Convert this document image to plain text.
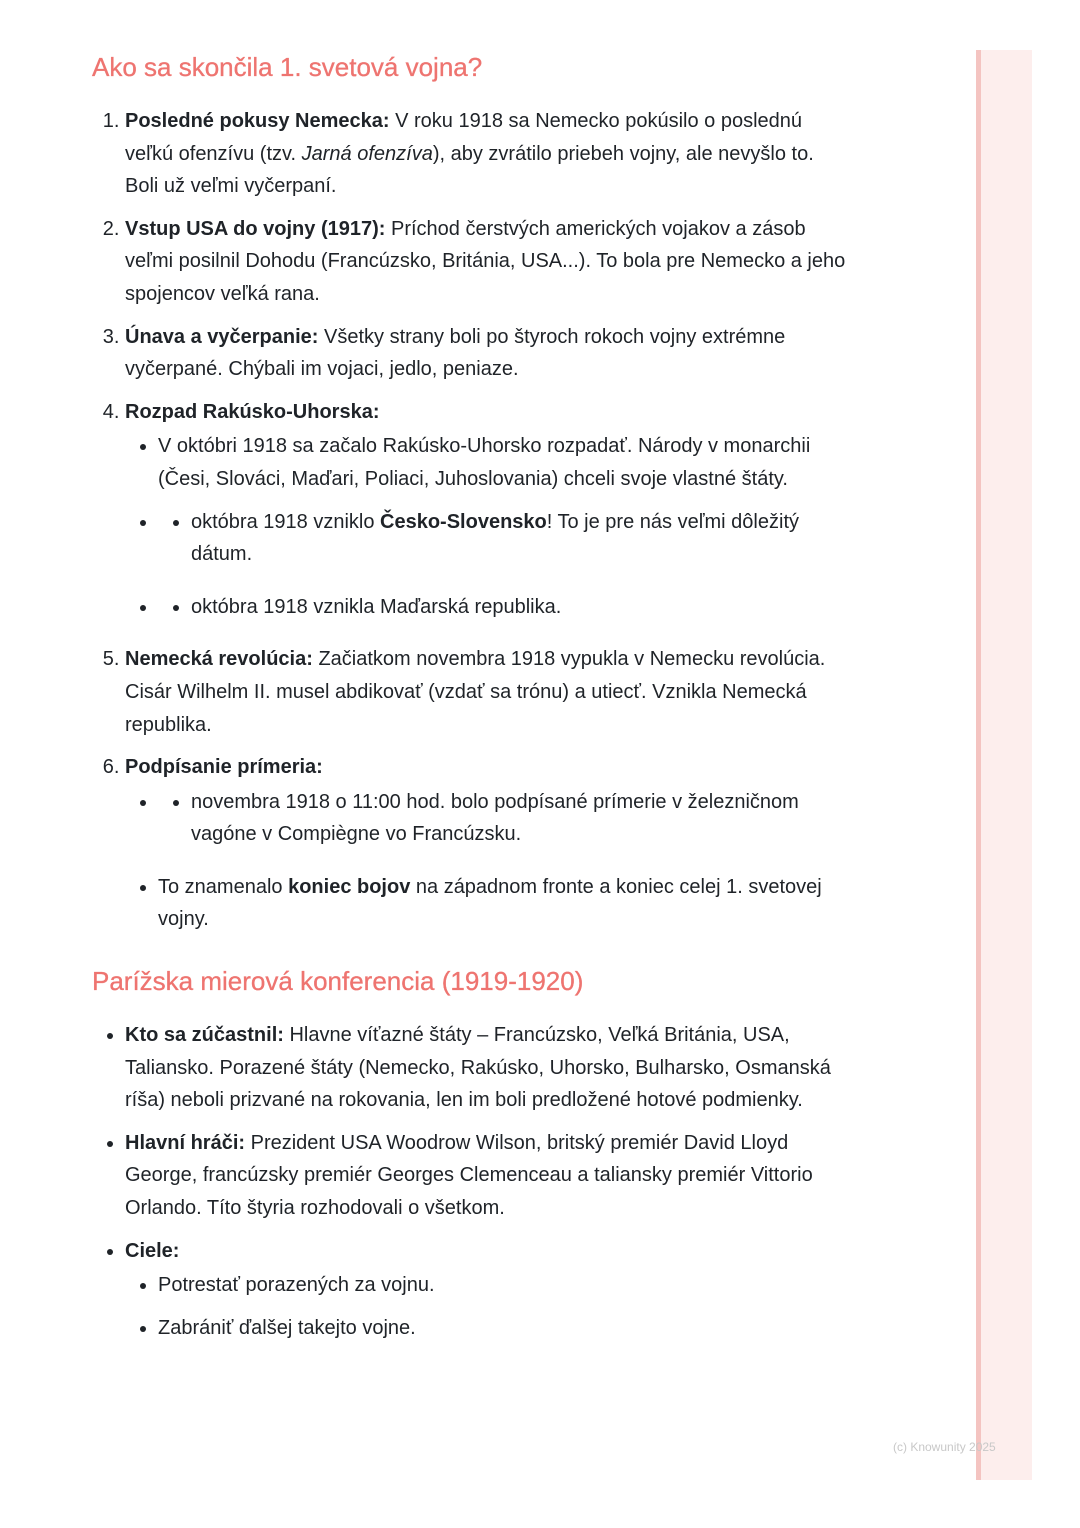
Ako sa skončila 1. svetová vojna?
1. Posledné pokusy Nemecka: V roku 1918 sa Nemecko pokúsilo o poslednú veľkú ofenzívu (tzv. Jarná ofenzíva), aby zvrátilo priebeh vojny, ale nevyšlo to. Boli už veľmi vyčerpaní.
2. Vstup USA do vojny (1917): Príchod čerstvých amerických vojakov a zásob veľmi posilnil Dohodu (Francúzsko, Británia, USA...). To bola pre Nemecko a jeho spojencov veľká rana.
3. Únava a vyčerpanie: Všetky strany boli po štyroch rokoch vojny extrémne vyčerpané. Chýbali im vojaci, jedlo, peniaze.
4. Rozpad Rakúsko-Uhorska:
• V októbri 1918 sa začalo Rakúsko-Uhorsko rozpadať. Národy v monarchii (Česi, Slováci, Maďari, Poliaci, Juhoslovania) chceli svoje vlastné štáty.
• • októbra 1918 vzniklo Česko-Slovensko! To je pre nás veľmi dôležitý dátum.
• • októbra 1918 vznikla Maďarská republika.
5. Nemecká revolúcia: Začiatkom novembra 1918 vypukla v Nemecku revolúcia. Cisár Wilhelm II. musel abdikovať (vzdať sa trónu) a utiecť. Vznikla Nemecká republika.
6. Podpísanie prímeria:
• • novembra 1918 o 11:00 hod. bolo podpísané prímerie v železničnom vagóne v Compiègne vo Francúzsku.
• To znamenalo koniec bojov na západnom fronte a koniec celej 1. svetovej vojny.
Parížska mierová konferencia (1919-1920)
• Kto sa zúčastnil: Hlavne víťazné štáty – Francúzsko, Veľká Británia, USA, Taliansko. Porazené štáty (Nemecko, Rakúsko, Uhorsko, Bulharsko, Osmanská ríša) neboli prizvané na rokovania, len im boli predložené hotové podmienky.
• Hlavní hráči: Prezident USA Woodrow Wilson, britský premiér David Lloyd George, francúzsky premiér Georges Clemenceau a taliansky premiér Vittorio Orlando. Títo štyria rozhodovali o všetkom.
• Ciele:
• Potrestať porazených za vojnu.
• Zabrániť ďalšej takejto vojne.
(c) Knowunity 2025
